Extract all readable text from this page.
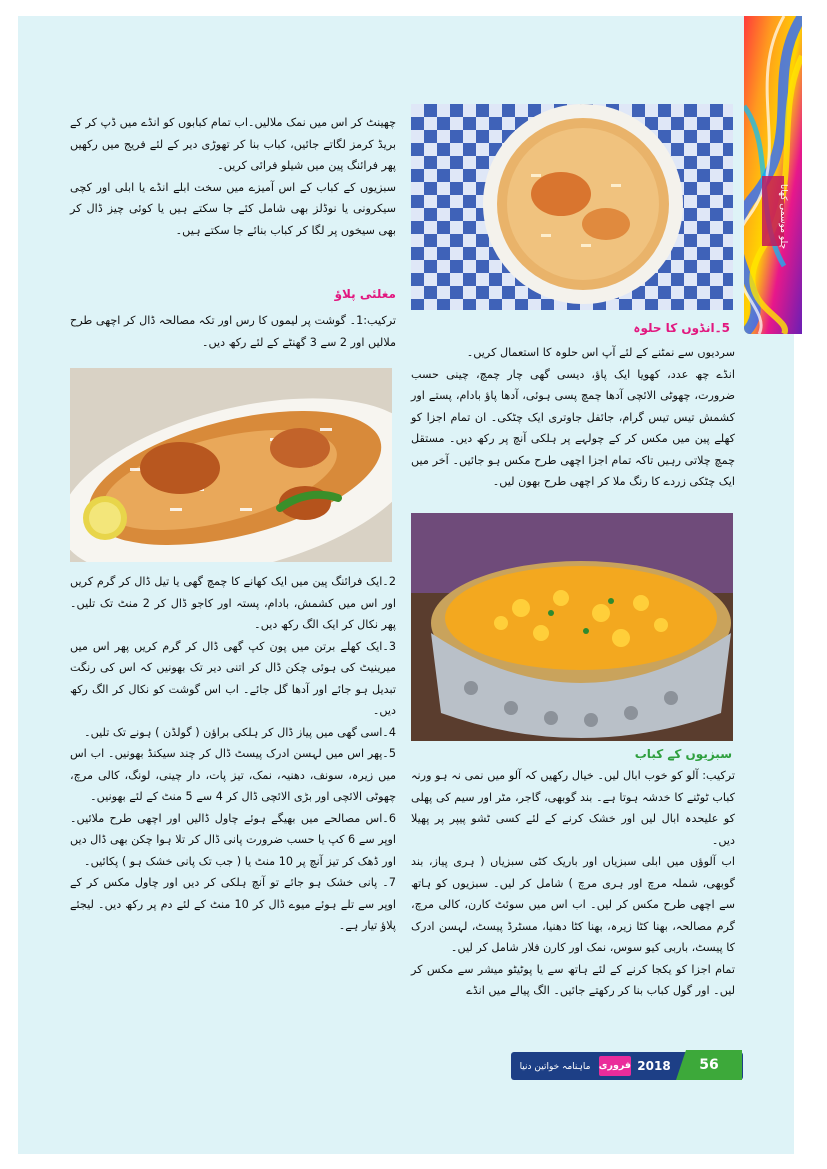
چلو موسمی کھانا

چھینٹ کر اس میں نمک ملالیں۔اب تمام کبابوں کو انڈے میں ڈپ کر کے بریڈ کرمز لگاتے جائیں، کباب بنا کر تھوڑی دیر کے لئے فریج میں رکھیں پھر فرائنگ پین میں شیلو فرائی کریں۔

سبزیوں کے کباب کے اس آمیزے میں سخت ابلے انڈے یا ابلی اور کچی سیکرونی یا نوڈلز بھی شامل کئے جا سکتے ہیں یا کوئی چیز ڈال کر بھی سیخوں پر لگا کر کباب بنائے جا سکتے ہیں۔

مغلئی پلاؤ

ترکیب:1۔ گوشت پر لیموں کا رس اور تکہ مصالحہ ڈال کر اچھی طرح ملالیں اور 2 سے 3 گھنٹے کے لئے رکھ دیں۔

2۔ایک فرائنگ پین میں ایک کھانے کا چمچ گھی یا تیل ڈال کر گرم کریں اور اس میں کشمش، بادام، پستہ اور کاجو ڈال کر 2 منٹ تک تلیں۔ پھر نکال کر ایک الگ رکھ دیں۔

3۔ایک کھلے برتن میں پون کپ گھی ڈال کر گرم کریں پھر اس میں میرینیٹ کی ہوئی چکن ڈال کر اتنی دیر تک بھونیں کہ اس کی رنگت تبدیل ہو جائے اور آدھا گل جائے۔ اب اس گوشت کو نکال کر الگ رکھ دیں۔

4۔اسی گھی میں پیاز ڈال کر ہلکی براؤن ( گولڈن ) ہونے تک تلیں۔

5۔پھر اس میں لہسن ادرک پیسٹ ڈال کر چند سیکنڈ بھونیں۔ اب اس میں زیرہ، سونف، دھنیہ، نمک، تیز پات، دار چینی، لونگ، کالی مرچ، چھوٹی الائچی اور بڑی الائچی ڈال کر 4 سے 5 منٹ کے لئے بھونیں۔

6۔اس مصالحے میں بھیگے ہوئے چاول ڈالیں اور اچھی طرح ملائیں۔ اوپر سے 6 کپ یا حسب ضرورت پانی ڈال کر تلا ہوا چکن بھی ڈال دیں اور ڈھک کر تیز آنچ پر 10 منٹ یا ( جب تک پانی خشک ہو ) پکائیں۔

7۔ پانی خشک ہو جائے تو آنچ ہلکی کر دیں اور چاول مکس کر کے اوپر سے تلے ہوئے میوے ڈال کر 10 منٹ کے لئے دم پر رکھ دیں۔ لیجئے پلاؤ تیار ہے۔

5۔انڈوں کا حلوہ

سردیوں سے نمٹنے کے لئے آپ اس حلوہ کا استعمال کریں۔

انڈے چھ عدد، کھویا ایک پاؤ، دیسی گھی چار چمچ، چینی حسب ضرورت، چھوٹی الائچی آدھا چمچ پسی ہوئی، آدھا پاؤ بادام، پستے اور کشمش تیس تیس گرام، جائفل جاوتری ایک چٹکی۔ ان تمام اجزا کو کھلے پین میں مکس کر کے چولہے پر ہلکی آنچ پر رکھ دیں۔ مستقل چمچ چلاتی رہیں تاکہ تمام اجزا اچھی طرح مکس ہو جائیں۔ آخر میں ایک چٹکی زردے کا رنگ ملا کر اچھی طرح بھون لیں۔

سبزیوں کے کباب

ترکیب: آلو کو خوب ابال لیں۔ خیال رکھیں کہ آلو میں نمی نہ ہو ورنہ کباب ٹوٹنے کا خدشہ ہوتا ہے۔ بند گوبھی، گاجر، مٹر اور سیم کی پھلی کو علیحدہ ابال لیں اور خشک کرنے کے لئے کسی ٹشو پیپر پر پھیلا دیں۔

اب آلوؤں میں ابلی سبزیاں اور باریک کٹی سبزیاں ( ہری پیاز، بند گوبھی، شملہ مرچ اور ہری مرچ ) شامل کر لیں۔ سبزیوں کو ہاتھ سے اچھی طرح مکس کر لیں۔ اب اس میں سوئٹ کارن، کالی مرچ، گرم مصالحہ، بھنا کٹا زیرہ، بھنا کٹا دھنیا، مسٹرڈ پیسٹ، لہسن ادرک کا پیسٹ، باربی کیو سوس، نمک اور کارن فلار شامل کر لیں۔

تمام اجزا کو یکجا کرنے کے لئے ہاتھ سے یا پوٹیٹو میشر سے مکس کر لیں۔ اور گول کباب بنا کر رکھتے جائیں۔ الگ پیالے میں انڈے

ماہنامہ خواتین دنیا فروری 2018	56
